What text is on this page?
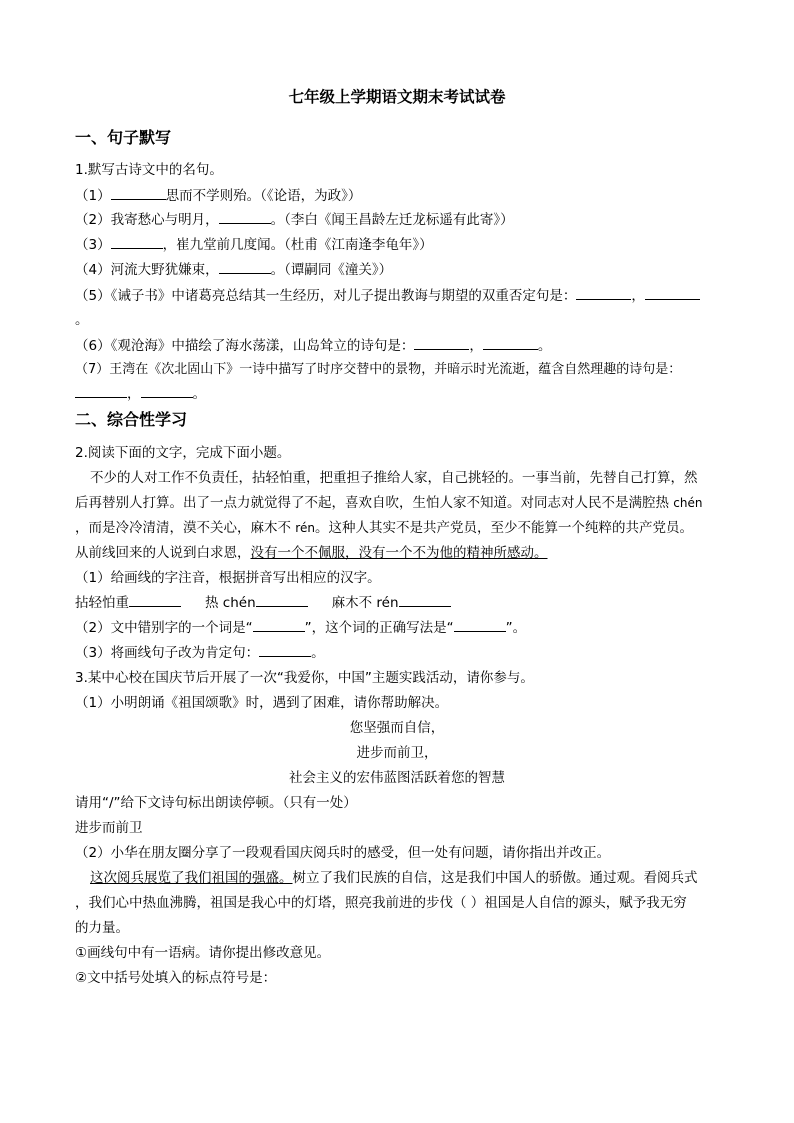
七年级上学期语文期末考试试卷
一、句子默写
1.默写古诗文中的名句。
（1）	思而不学则殆。（《论语，为政》）
（2）我寄愁心与明月，	。（李白《闻王昌龄左迁龙标遥有此寄》）
（3）	，崔九堂前几度闻。（杜甫《江南逢李龟年》）
（4）河流大野犹嫌束，	。（谭嗣同《潼关》）
（5）《诫子书》中诸葛亮总结其一生经历，对儿子提出教诲与期望的双重否定句是：	，
。
（6）《观沧海》中描绘了海水荡漾，山岛耸立的诗句是：	，	。
（7）王湾在《次北固山下》一诗中描写了时序交替中的景物，并暗示时光流逝，蕴含自然理趣的诗句是：
，	。
二、综合性学习
2.阅读下面的文字，完成下面小题。
不少的人对工作不负责任，拈轻怕重，把重担子推给人家，自己挑轻的。一事当前，先替自己打算，然
后再替别人打算。出了一点力就觉得了不起，喜欢自吹，生怕人家不知道。对同志对人民不是满腔热 chén
，而是冷冷清清，漠不关心，麻木不 rén。这种人其实不是共产党员，至少不能算一个纯粹的共产党员。
从前线回来的人说到白求恩，没有一个不佩服，没有一个不为他的精神所感动。
（1）给画线的字注音，根据拼音写出相应的汉字。
拈轻怕重	热 chén	麻木不 rén
（2）文中错别字的一个词是“	”，这个词的正确写法是“	”。
（3）将画线句子改为肯定句：	。
3.某中心校在国庆节后开展了一次“我爱你，中国”主题实践活动，请你参与。
（1）小明朗诵《祖国颂歌》时，遇到了困难，请你帮助解决。
您坚强而自信，
进步而前卫，
社会主义的宏伟蓝图活跃着您的智慧
请用“/”给下文诗句标出朗读停顿。（只有一处）
进步而前卫
（2）小华在朋友圈分享了一段观看国庆阅兵时的感受，但一处有问题，请你指出并改正。
这次阅兵展览了我们祖国的强盛。树立了我们民族的自信，这是我们中国人的骄傲。通过观。看阅兵式
，我们心中热血沸腾，祖国是我心中的灯塔，照亮我前进的步伐（ ）祖国是人自信的源头，赋予我无穷
的力量。
①画线句中有一语病。请你提出修改意见。
②文中括号处填入的标点符号是：
